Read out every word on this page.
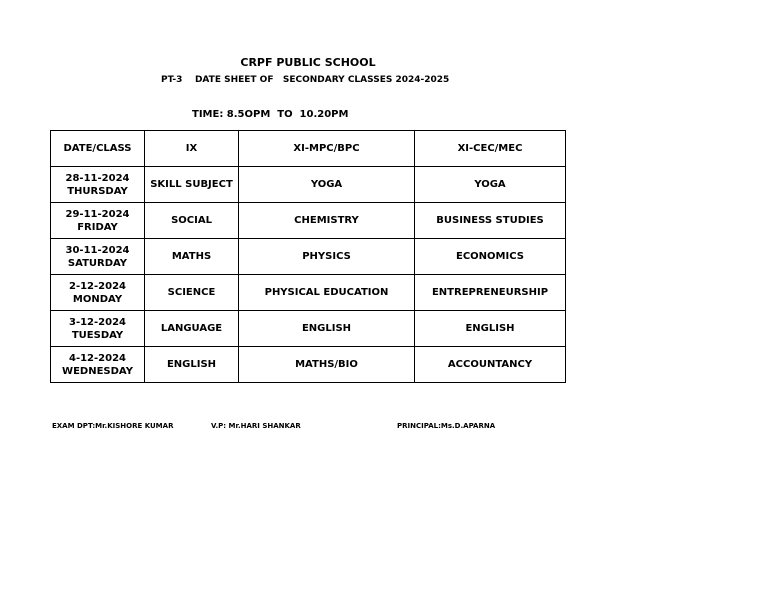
CRPF PUBLIC SCHOOL
PT-3    DATE SHEET OF   SECONDARY CLASSES 2024-2025
TIME: 8.5OPM  TO  10.20PM
DATE/CLASS	IX	XI-MPC/BPC	XI-CEC/MEC

28-11-2024
THURSDAY	SKILL SUBJECT	YOGA	YOGA

29-11-2024
FRIDAY	SOCIAL	CHEMISTRY	BUSINESS STUDIES

30-11-2024
SATURDAY	MATHS	PHYSICS	ECONOMICS

2-12-2024
MONDAY	SCIENCE	PHYSICAL EDUCATION	ENTREPRENEURSHIP

3-12-2024
TUESDAY	LANGUAGE	ENGLISH	ENGLISH

4-12-2024
WEDNESDAY	ENGLISH	MATHS/BIO	ACCOUNTANCY
EXAM DPT:Mr.KISHORE KUMAR	V.P: Mr.HARI SHANKAR	PRINCIPAL:Ms.D.APARNA
